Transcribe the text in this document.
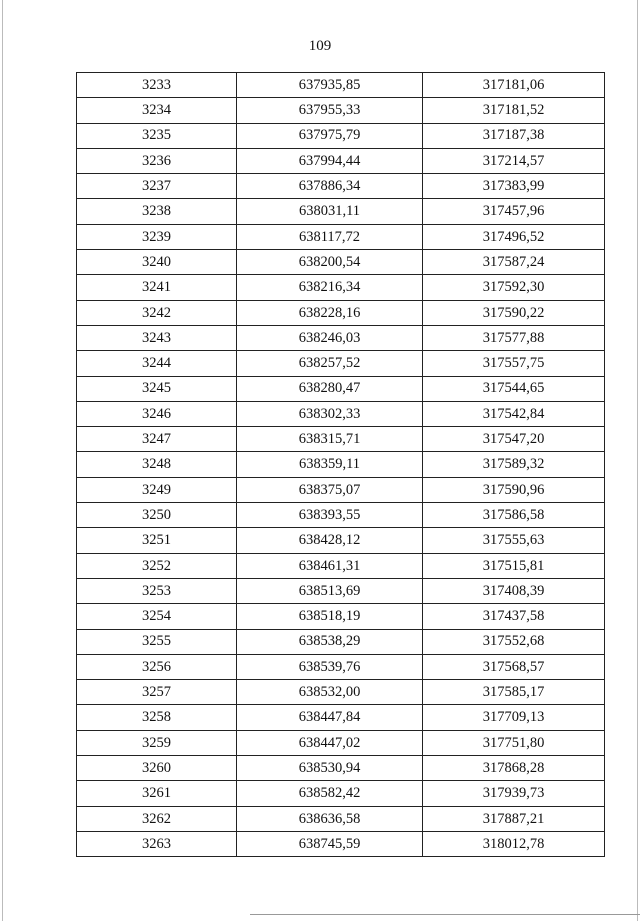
109
3233	637935,85	317181,06
3234	637955,33	317181,52
3235	637975,79	317187,38
3236	637994,44	317214,57
3237	637886,34	317383,99
3238	638031,11	317457,96
3239	638117,72	317496,52
3240	638200,54	317587,24
3241	638216,34	317592,30
3242	638228,16	317590,22
3243	638246,03	317577,88
3244	638257,52	317557,75
3245	638280,47	317544,65
3246	638302,33	317542,84
3247	638315,71	317547,20
3248	638359,11	317589,32
3249	638375,07	317590,96
3250	638393,55	317586,58
3251	638428,12	317555,63
3252	638461,31	317515,81
3253	638513,69	317408,39
3254	638518,19	317437,58
3255	638538,29	317552,68
3256	638539,76	317568,57
3257	638532,00	317585,17
3258	638447,84	317709,13
3259	638447,02	317751,80
3260	638530,94	317868,28
3261	638582,42	317939,73
3262	638636,58	317887,21
3263	638745,59	318012,78
